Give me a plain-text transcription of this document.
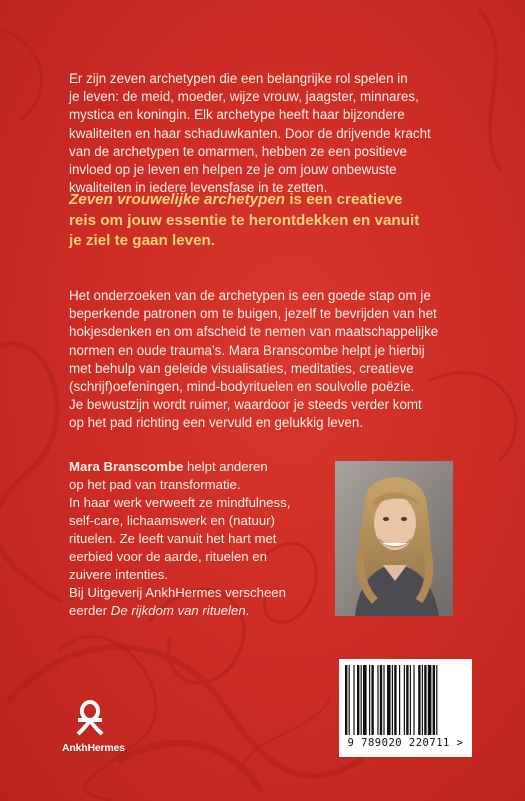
Er zijn zeven archetypen die een belangrijke rol spelen in
je leven: de meid, moeder, wijze vrouw, jaagster, minnares,
mystica en koningin. Elk archetype heeft haar bijzondere
kwaliteiten en haar schaduwkanten. Door de drijvende kracht
van de archetypen te omarmen, hebben ze een positieve
invloed op je leven en helpen ze je om jouw onbewuste
kwaliteiten in iedere levensfase in te zetten.

Zeven vrouwelijke archetypen is een creatieve
reis om jouw essentie te herontdekken en vanuit
je ziel te gaan leven.

Het onderzoeken van de archetypen is een goede stap om je
beperkende patronen om te buigen, jezelf te bevrijden van het
hokjesdenken en om afscheid te nemen van maatschappelijke
normen en oude trauma’s. Mara Branscombe helpt je hierbij
met behulp van geleide visualisaties, meditaties, creatieve
(schrijf)oefeningen, mind-bodyrituelen en soulvolle poëzie.
Je bewustzijn wordt ruimer, waardoor je steeds verder komt
op het pad richting een vervuld en gelukkig leven.

Mara Branscombe helpt anderen
op het pad van transformatie.
In haar werk verweeft ze mindfulness,
self-care, lichaamswerk en (natuur)
rituelen. Ze leeft vanuit het hart met
eerbied voor de aarde, rituelen en
zuivere intenties.
Bij Uitgeverij AnkhHermes verscheen
eerder De rijkdom van rituelen.

AnkhHermes	9 789020 220711 >
